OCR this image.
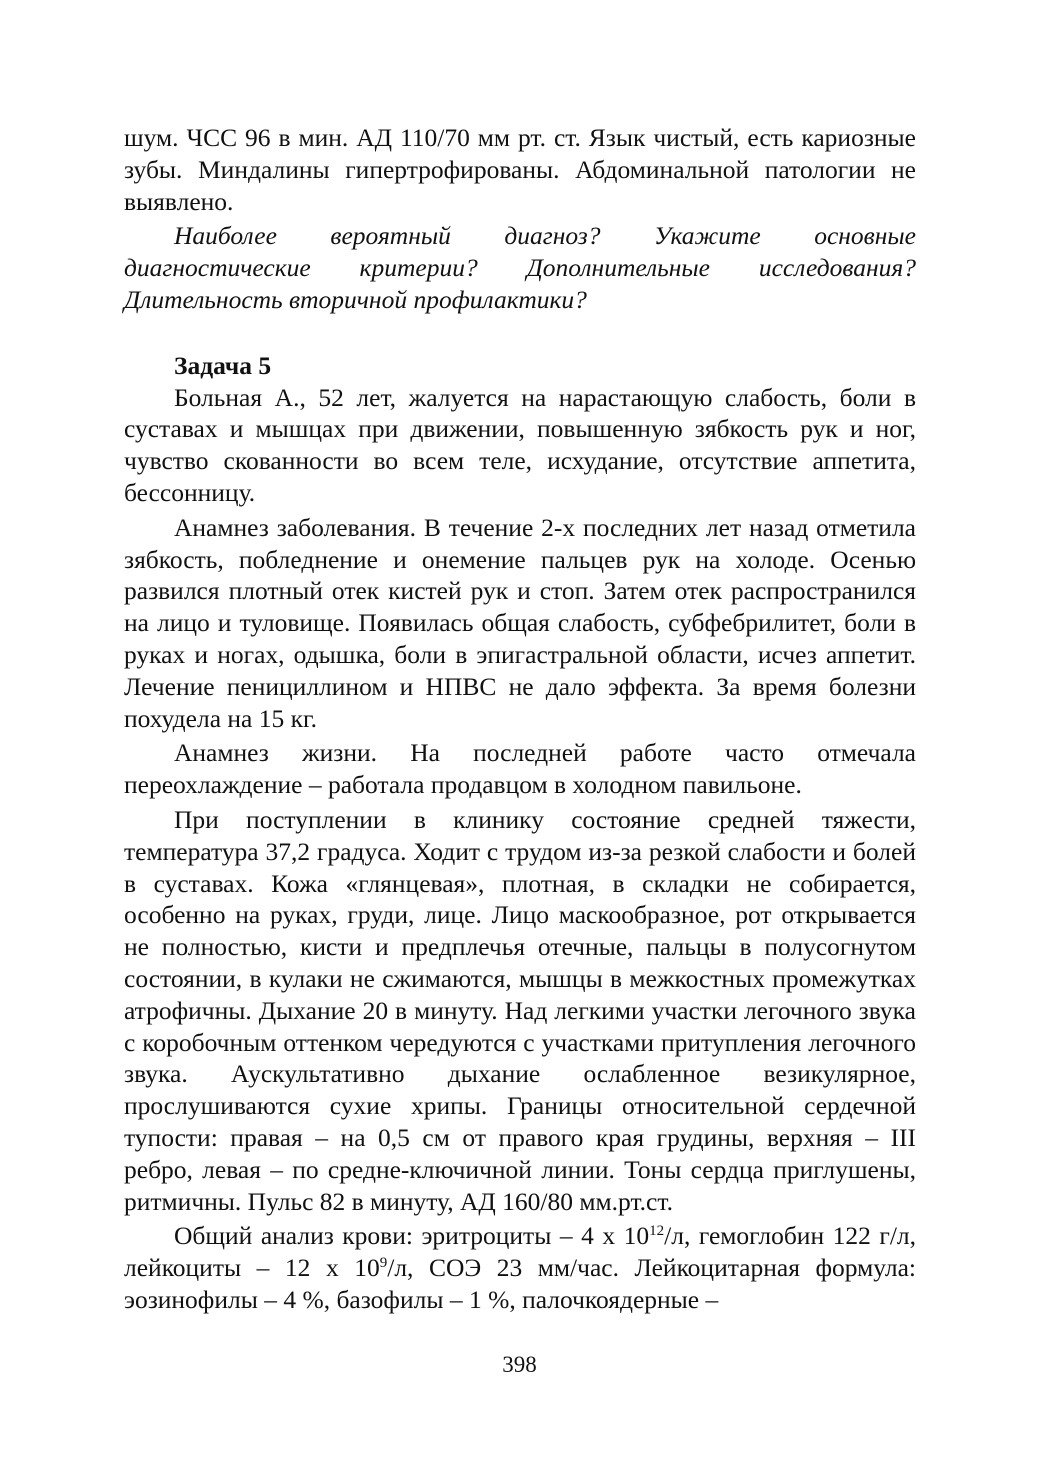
шум. ЧСС 96 в мин. АД 110/70 мм рт. ст. Язык чистый, есть кариозные зубы. Миндалины гипертрофированы. Абдоминальной патологии не выявлено.

Наиболее вероятный диагноз? Укажите основные диагностические критерии? Дополнительные исследования? Длительность вторичной профилактики?

Задача 5

Больная А., 52 лет, жалуется на нарастающую слабость, боли в суставах и мышцах при движении, повышенную зябкость рук и ног, чувство скованности во всем теле, исхудание, отсутствие аппетита, бессонницу.

Анамнез заболевания. В течение 2-х последних лет назад отметила зябкость, побледнение и онемение пальцев рук на холоде. Осенью развился плотный отек кистей рук и стоп. Затем отек распространился на лицо и туловище. Появилась общая слабость, субфебрилитет, боли в руках и ногах, одышка, боли в эпигастральной области, исчез аппетит. Лечение пенициллином и НПВС не дало эффекта. За время болезни похудела на 15 кг.

Анамнез жизни. На последней работе часто отмечала переохлаждение – работала продавцом в холодном павильоне.

При поступлении в клинику состояние средней тяжести, температура 37,2 градуса. Ходит с трудом из-за резкой слабости и болей в суставах. Кожа «глянцевая», плотная, в складки не собирается, особенно на руках, груди, лице. Лицо маскообразное, рот открывается не полностью, кисти и предплечья отечные, пальцы в полусогнутом состоянии, в кулаки не сжимаются, мышцы в межкостных промежутках атрофичны. Дыхание 20 в минуту. Над легкими участки легочного звука с коробочным оттенком чередуются с участками притупления легочного звука. Аускультативно дыхание ослабленное везикулярное, прослушиваются сухие хрипы. Границы относительной сердечной тупости: правая – на 0,5 см от правого края грудины, верхняя – III ребро, левая – по средне-ключичной линии. Тоны сердца приглушены, ритмичны. Пульс 82 в минуту, АД 160/80 мм.рт.ст.

Общий анализ крови: эритроциты – 4 х $10^{12}/л$, гемоглобин 122 г/л, лейкоциты – 12 х $10^9/л$, СОЭ 23 мм/час. Лейкоцитарная формула: эозинофилы – 4 %, базофилы – 1 %, палочкоядерные –

398
